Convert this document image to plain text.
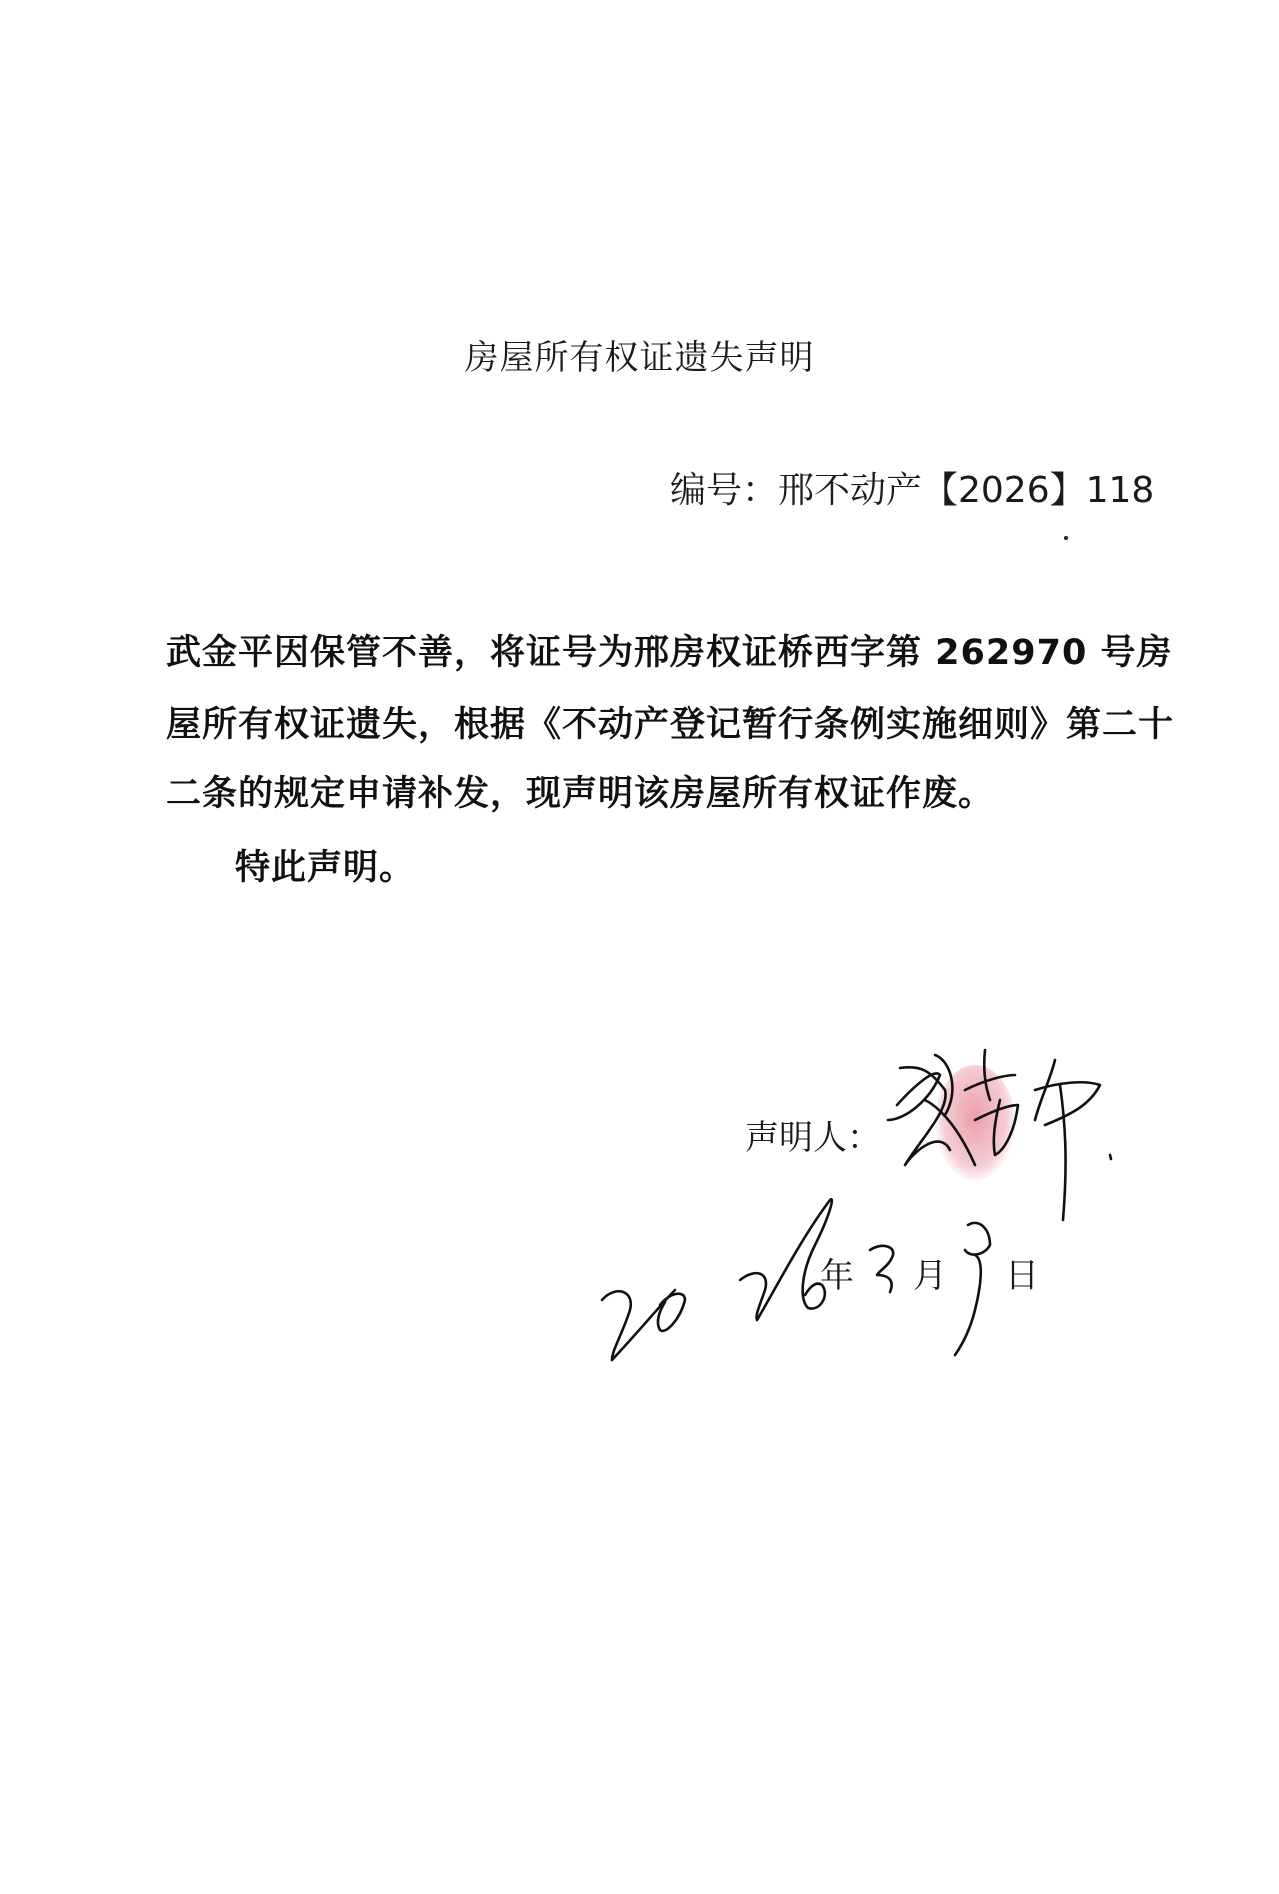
房屋所有权证遗失声明
编号：邢不动产【2026】118
武金平因保管不善，将证号为邢房权证桥西字第 262970 号房
屋所有权证遗失，根据《不动产登记暂行条例实施细则》第二十
二条的规定申请补发，现声明该房屋所有权证作废。
特此声明。
声明人：
年 月 日
